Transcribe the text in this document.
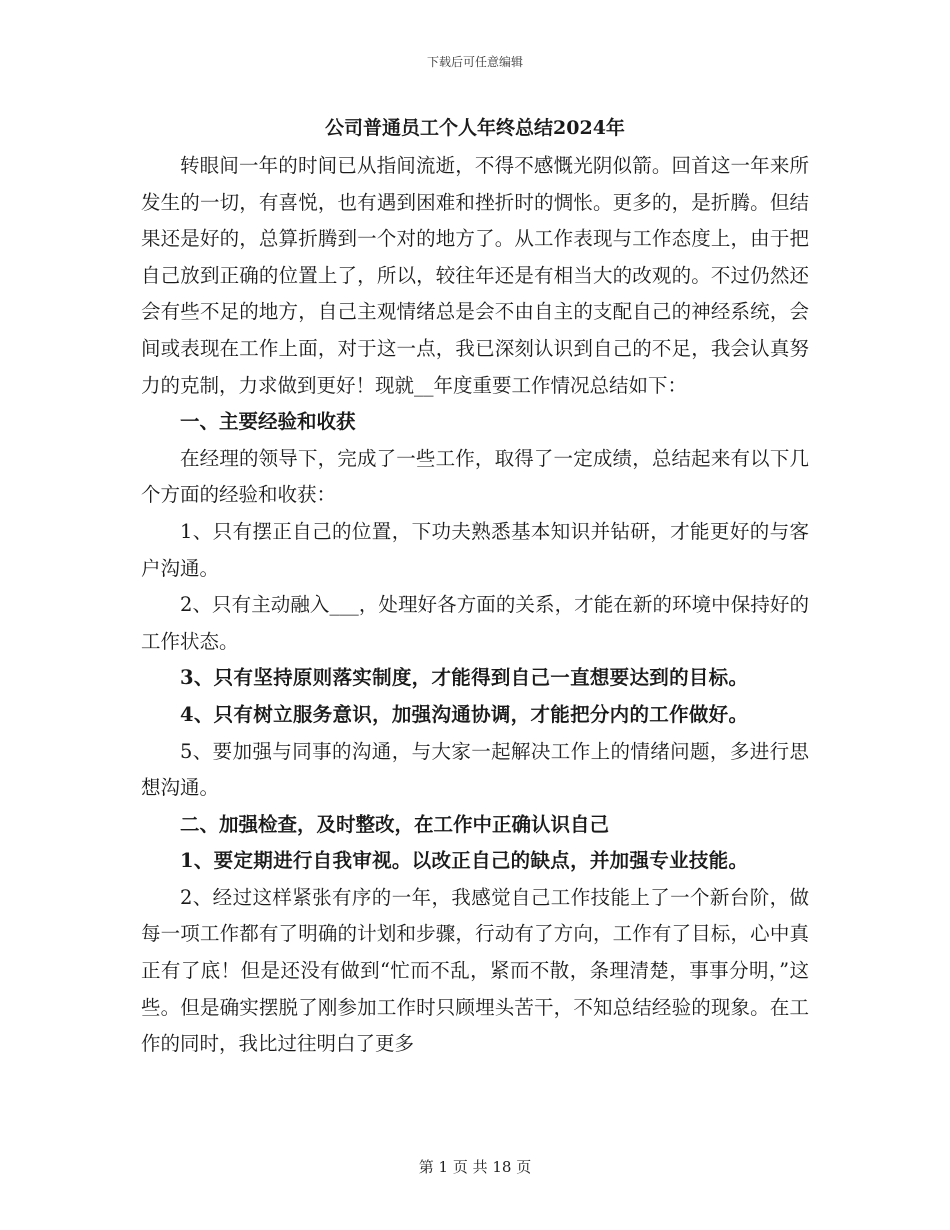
下载后可任意编辑
公司普通员工个人年终总结2024年

转眼间一年的时间已从指间流逝，不得不感慨光阴似箭。回首这一年来所发生的一切，有喜悦，也有遇到困难和挫折时的惆怅。更多的，是折腾。但结果还是好的，总算折腾到一个对的地方了。从工作表现与工作态度上，由于把自己放到正确的位置上了，所以，较往年还是有相当大的改观的。不过仍然还会有些不足的地方，自己主观情绪总是会不由自主的支配自己的神经系统，会间或表现在工作上面，对于这一点，我已深刻认识到自己的不足，我会认真努力的克制，力求做到更好！现就__年度重要工作情况总结如下：

一、主要经验和收获

在经理的领导下，完成了一些工作，取得了一定成绩，总结起来有以下几个方面的经验和收获：

1、只有摆正自己的位置，下功夫熟悉基本知识并钻研，才能更好的与客户沟通。

2、只有主动融入___，处理好各方面的关系，才能在新的环境中保持好的工作状态。

3、只有坚持原则落实制度，才能得到自己一直想要达到的目标。

4、只有树立服务意识，加强沟通协调，才能把分内的工作做好。

5、要加强与同事的沟通，与大家一起解决工作上的情绪问题，多进行思想沟通。

二、加强检查，及时整改，在工作中正确认识自己

1、要定期进行自我审视。以改正自己的缺点，并加强专业技能。

2、经过这样紧张有序的一年，我感觉自己工作技能上了一个新台阶，做每一项工作都有了明确的计划和步骤，行动有了方向，工作有了目标，心中真正有了底！但是还没有做到“忙而不乱，紧而不散，条理清楚，事事分明，”这些。但是确实摆脱了刚参加工作时只顾埋头苦干，不知总结经验的现象。在工作的同时，我比过往明白了更多

第 1 页 共 18 页
